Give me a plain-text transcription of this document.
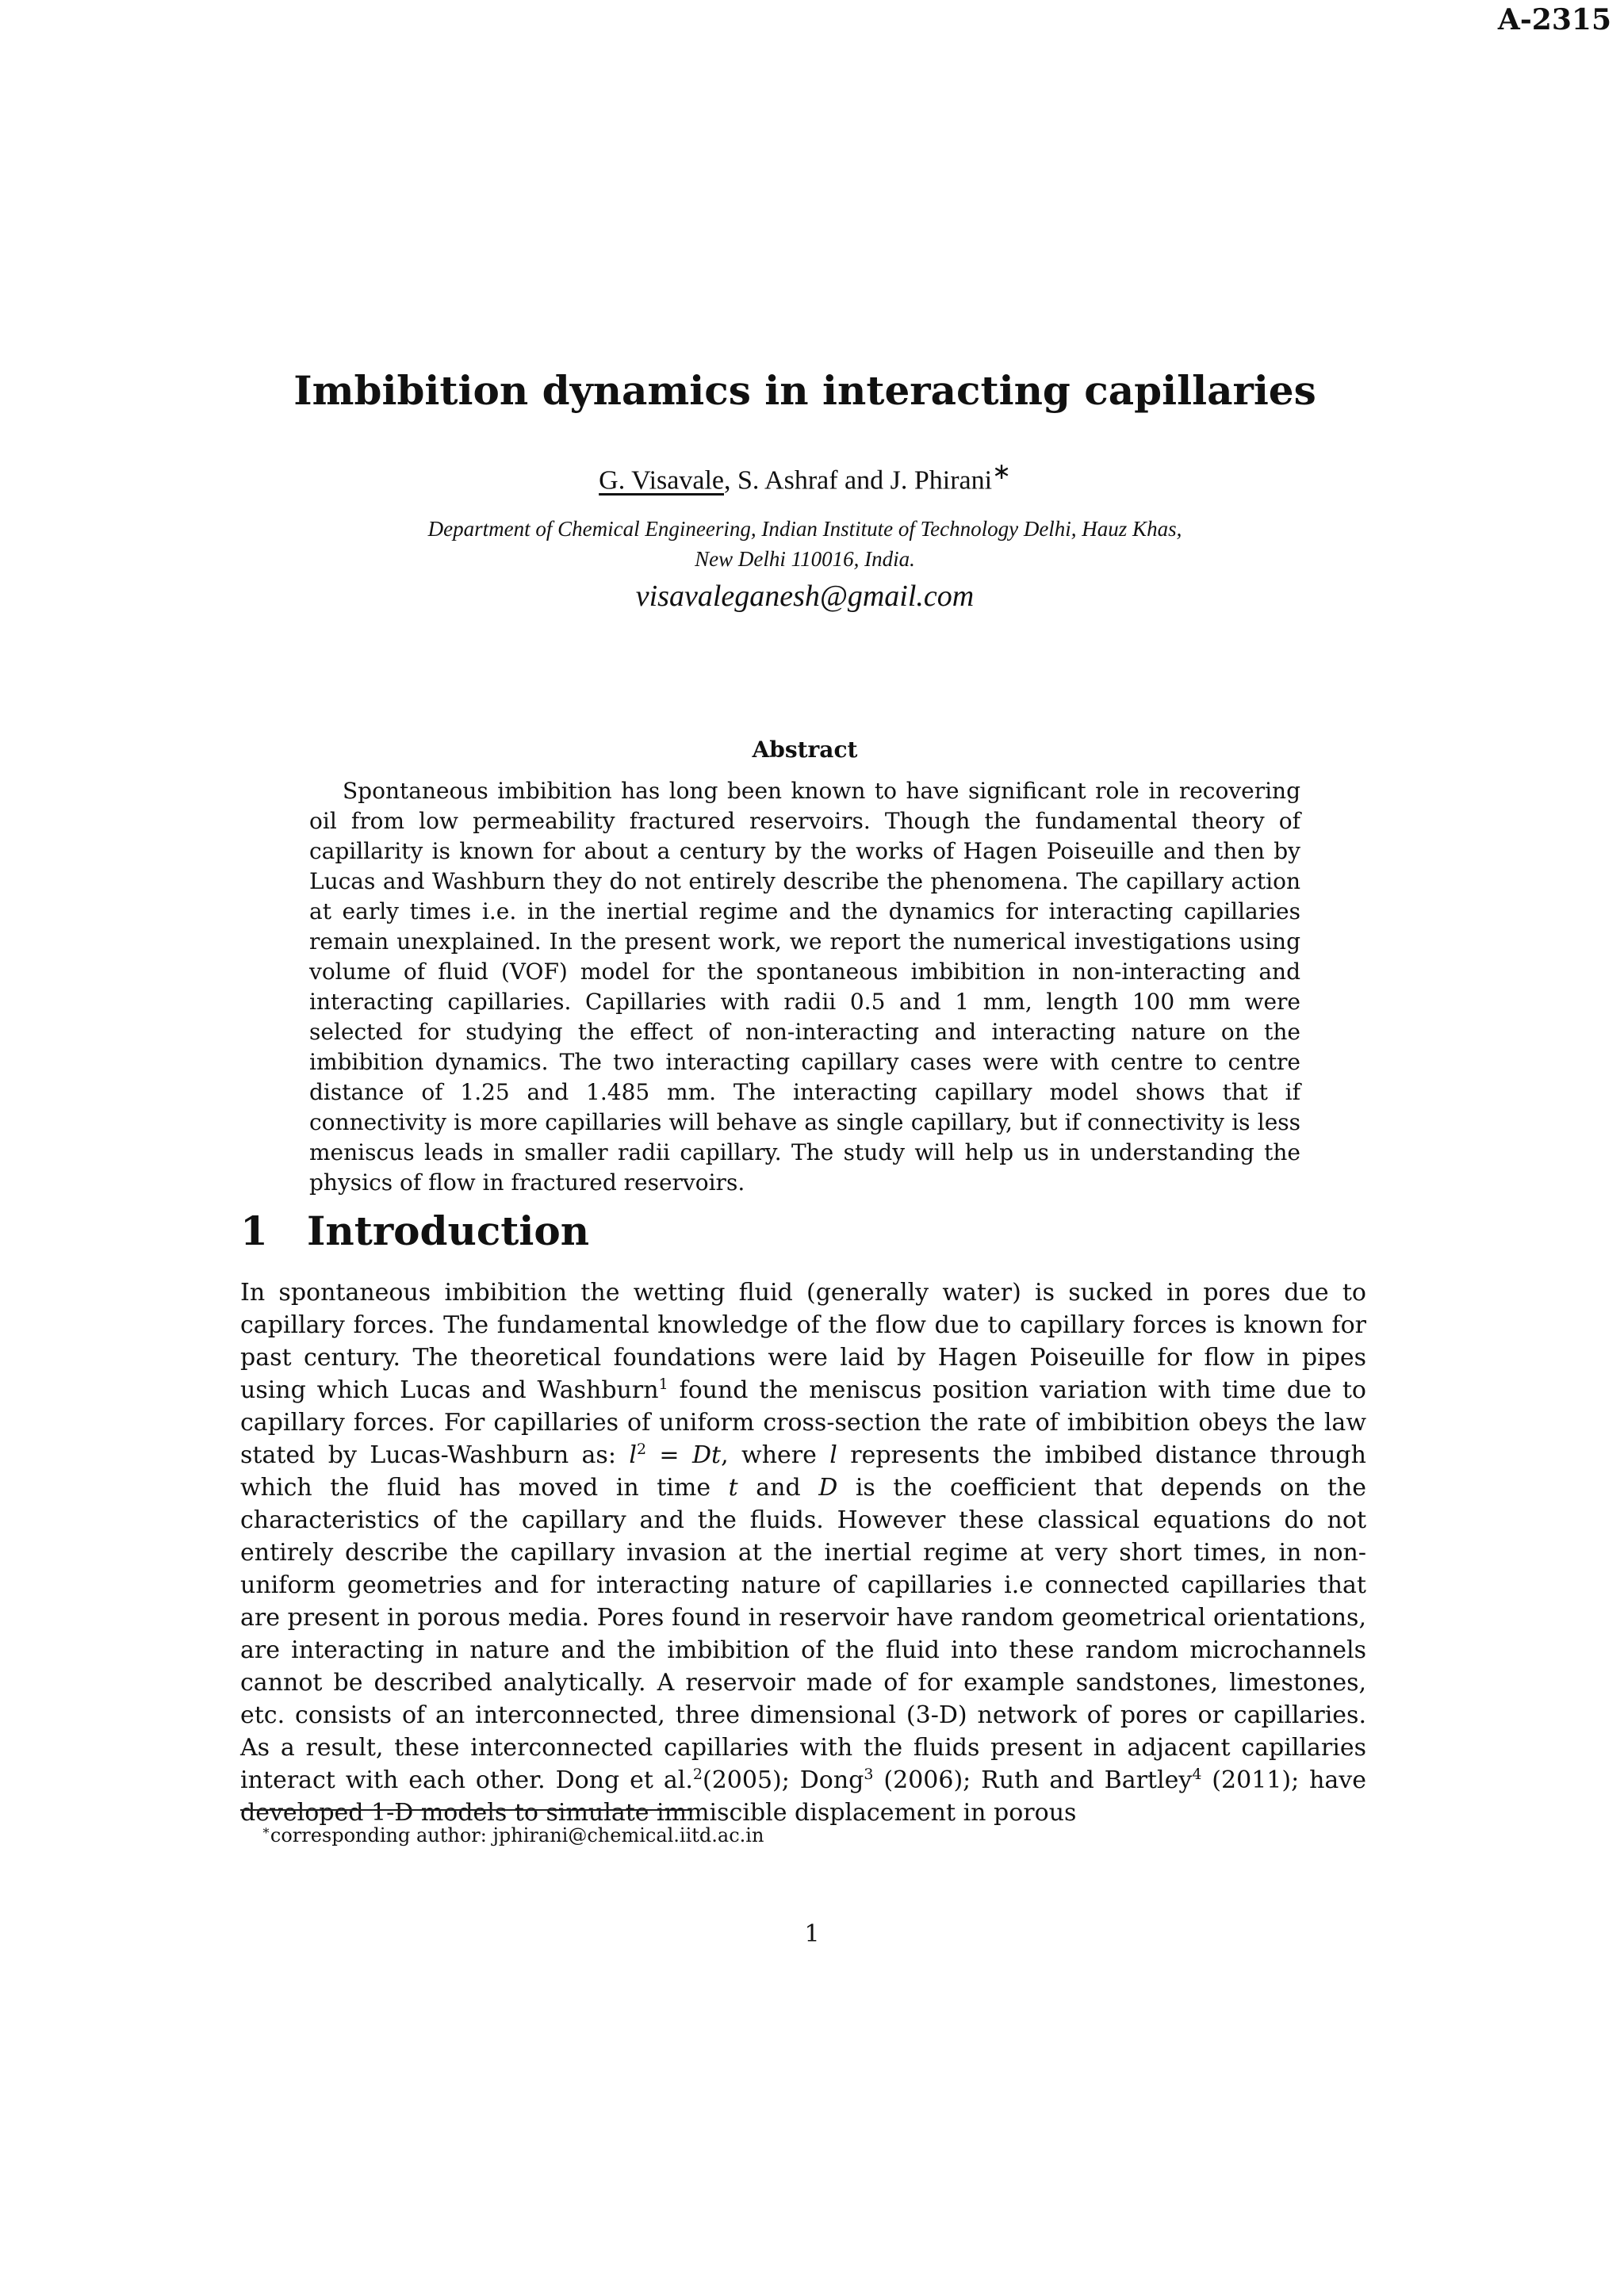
A-2315
Imbibition dynamics in interacting capillaries
G. Visavale, S. Ashraf and J. Phirani∗
Department of Chemical Engineering, Indian Institute of Technology Delhi, Hauz Khas,
New Delhi 110016, India.
visavaleganesh@gmail.com
Abstract

Spontaneous imbibition has long been known to have significant role in recovering oil from low permeability fractured reservoirs. Though the fundamental theory of capillarity is known for about a century by the works of Hagen Poiseuille and then by Lucas and Washburn they do not entirely describe the phenomena. The capillary action at early times i.e. in the inertial regime and the dynamics for interacting capillaries remain unexplained. In the present work, we report the numerical investigations using volume of fluid (VOF) model for the spontaneous imbibition in non-interacting and interacting capillaries. Capillaries with radii 0.5 and 1 mm, length 100 mm were selected for studying the effect of non-interacting and interacting nature on the imbibition dynamics. The two interacting capillary cases were with centre to centre distance of 1.25 and 1.485 mm. The interacting capillary model shows that if connectivity is more capillaries will behave as single capillary, but if connectivity is less meniscus leads in smaller radii capillary. The study will help us in understanding the physics of flow in fractured reservoirs.

1 Introduction

In spontaneous imbibition the wetting fluid (generally water) is sucked in pores due to capillary forces. The fundamental knowledge of the flow due to capillary forces is known for past century. The theoretical foundations were laid by Hagen Poiseuille for flow in pipes using which Lucas and Washburn$^1$ found the meniscus position variation with time due to capillary forces. For capillaries of uniform cross-section the rate of imbibition obeys the law stated by Lucas-Washburn as: $l^2 = Dt$, where l represents the imbibed distance through which the fluid has moved in time t and D is the coefficient that depends on the characteristics of the capillary and the fluids. However these classical equations do not entirely describe the capillary invasion at the inertial regime at very short times, in non-uniform geometries and for interacting nature of capillaries i.e connected capillaries that are present in porous media. Pores found in reservoir have random geometrical orientations, are interacting in nature and the imbibition of the fluid into these random microchannels cannot be described analytically. A reservoir made of for example sandstones, limestones, etc. consists of an interconnected, three dimensional (3-D) network of pores or capillaries. As a result, these interconnected capillaries with the fluids present in adjacent capillaries interact with each other. Dong et al.$^2$(2005); Dong$^3$ (2006); Ruth and Bartley$^4$ (2011); have developed 1-D models to simulate immiscible displacement in porous

∗corresponding author: jphirani@chemical.iitd.ac.in
1
